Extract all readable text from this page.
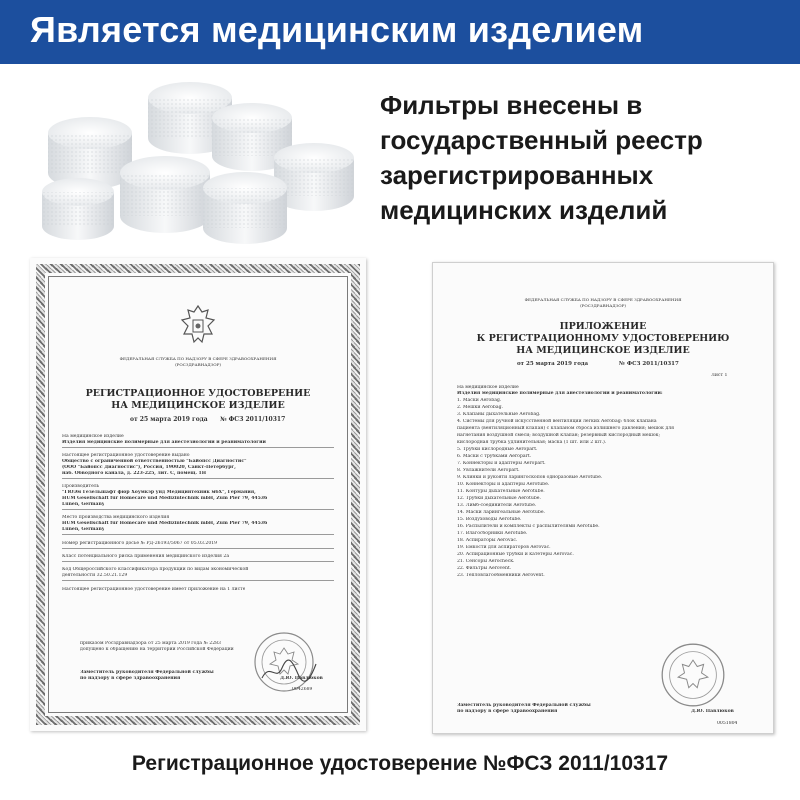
Является медицинским изделием
Фильтры внесены в
государственный реестр
зарегистрированных
медицинских изделий
ФЕДЕРАЛЬНАЯ СЛУЖБА ПО НАДЗОРУ В СФЕРЕ ЗДРАВООХРАНЕНИЯ
(РОСЗДРАВНАДЗОР)
РЕГИСТРАЦИОННОЕ УДОСТОВЕРЕНИЕ
НА МЕДИЦИНСКОЕ ИЗДЕЛИЕ
от 25 марта 2019 года № ФСЗ 2011/10317
На медицинское изделие
Изделия медицинские полимерные для анестезиологии и реаниматологии
Настоящее регистрационное удостоверение выдано
Общество с ограниченной ответственностью "Байопсс Диагностис"
(ООО "Байопсс Диагностис"), Россия, 190020, Санкт-Петербург,
наб. Обводного канала, д. 223-225, лит. С, помещ. 1Н
Производитель
"ГЮЭм Гезельшафт фюр Хоумкэр унд Медицинтехник мбХ", Германия,
HUM Gesellschaft für Homecare und Medizintechnik mbH, Zum Pier 79, 44536
Lünen, Germany
Место производства медицинского изделия
HUM Gesellschaft für Homecare und Medizintechnik mbH, Zum Pier 79, 44536
Lünen, Germany
Номер регистрационного досье № РД-26193/5067 от 05.03.2019
Класс потенциального риска применения медицинского изделия 2а
Код Общероссийского классификатора продукции по видам экономической
деятельности 32.50.21.129
Настоящее регистрационное удостоверение имеет приложение на 1 листе
приказом Росздравнадзора от 25 марта 2019 года № 2283
допущено к обращению на территории Российской Федерации
Заместитель руководителя Федеральной службы
по надзору в сфере здравоохранения	Д.Ю. Павлюков
0042689
ФЕДЕРАЛЬНАЯ СЛУЖБА ПО НАДЗОРУ В СФЕРЕ ЗДРАВООХРАНЕНИЯ
(РОСЗДРАВНАДЗОР)
ПРИЛОЖЕНИЕ
К РЕГИСТРАЦИОННОМУ УДОСТОВЕРЕНИЮ
НА МЕДИЦИНСКОЕ ИЗДЕЛИЕ
от 25 марта 2019 года	№ ФСЗ 2011/10317
Лист 1
На медицинское изделие
Изделия медицинские полимерные для анестезиологии и реаниматологии:
1. Маски Aerobag.
2. Мешки Aerobag.
3. Клапаны дыхательные Aerobag.
4. Системы для ручной искусственной вентиляции легких Aerobag: блок клапана
пациента (вентиляционный клапан) с клапаном сброса излишнего давления; мешок для
нагнетания воздушной смеси; воздушной клапан; резервный кислородный мешок;
кислородная трубка удлинительная; маска (1 шт. или 2 шт.).
5. Трубки кислородные Aeropart.
6. Маски с трубками Aeropart.
7. Коннекторы и адаптеры Aeropart.
8. Увлажнители Aeropart.
9. Клинки и рукояти ларингоскопов одноразовые Aerotube.
10. Коннекторы и адаптеры Aerotube.
11. Контуры дыхательные Aerotube.
12. Трубки дыхательные Aerotube.
13. Лимб-соединители Aerotube.
14. Маски ларингеальные Aerotube.
15. Воздуховоды Aerotube.
16. Распылители и комплекты с распылителями Aerotube.
17. Влагосборники Aerotube.
18. Аспираторы Aerovac.
19. Емкости для аспираторов Aerovac.
20. Аспирационные трубки и катетеры Aerovac.
21. Сенсоры Aerocheck.
22. Фильтры Aerovent.
23. Тепловлагообменники Aerovent.
Заместитель руководителя Федеральной службы
по надзору в сфере здравоохранения	Д.Ю. Павлюков
0051804
Регистрационное удостоверение №ФСЗ 2011/10317
